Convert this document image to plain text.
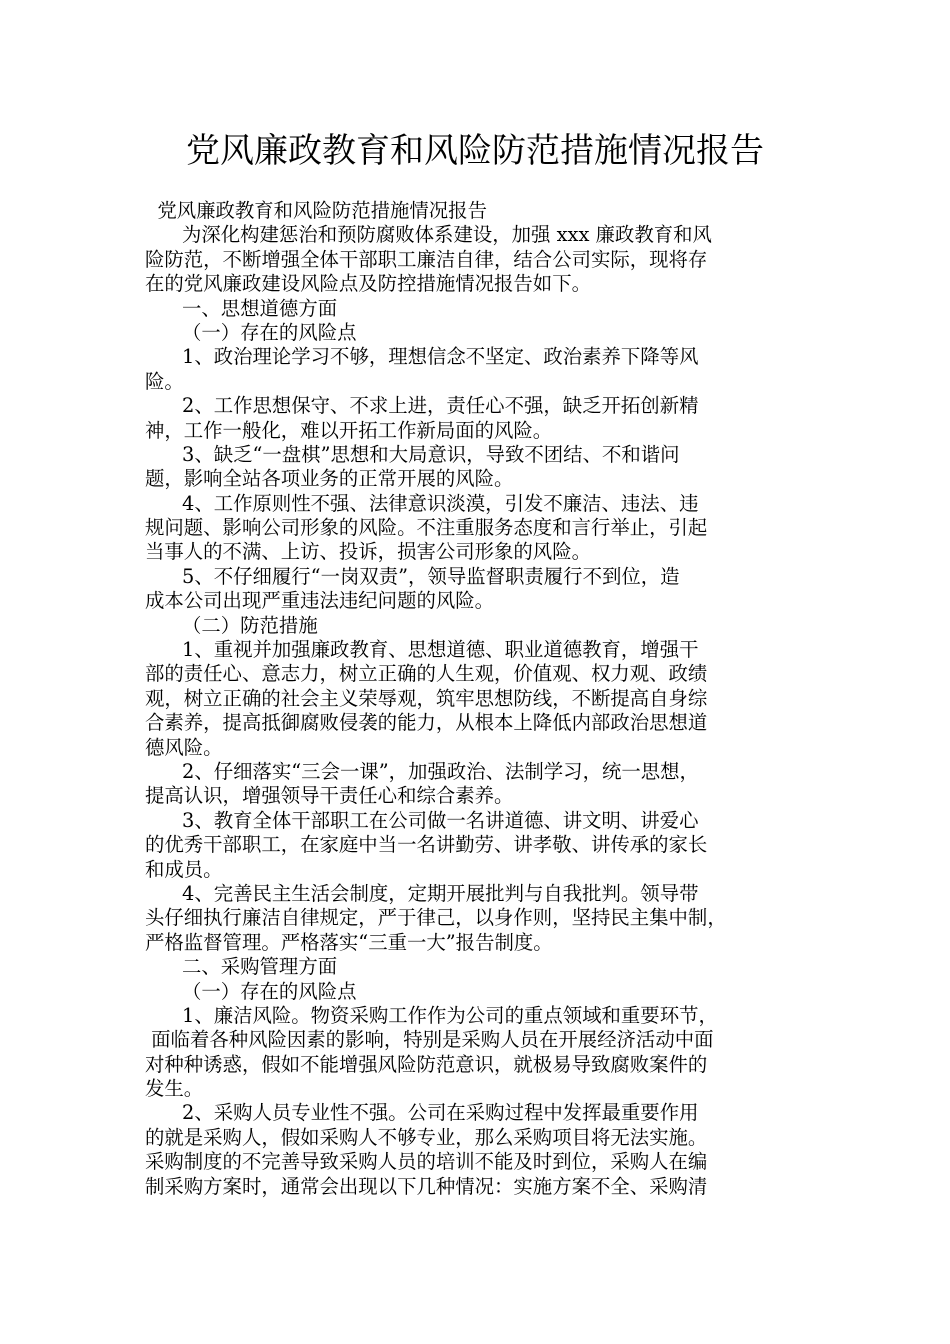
党风廉政教育和风险防范措施情况报告
党风廉政教育和风险防范措施情况报告
为深化构建惩治和预防腐败体系建设，加强 xxx 廉政教育和风
险防范，不断增强全体干部职工廉洁自律，结合公司实际，现将存
在的党风廉政建设风险点及防控措施情况报告如下。
一、思想道德方面
（一）存在的风险点
1、政治理论学习不够，理想信念不坚定、政治素养下降等风
险。
2、工作思想保守、不求上进，责任心不强，缺乏开拓创新精
神，工作一般化，难以开拓工作新局面的风险。
3、缺乏“一盘棋”思想和大局意识，导致不团结、不和谐问
题，影响全站各项业务的正常开展的风险。
4、工作原则性不强、法律意识淡漠，引发不廉洁、违法、违
规问题、影响公司形象的风险。不注重服务态度和言行举止，引起
当事人的不满、上访、投诉，损害公司形象的风险。
5、不仔细履行“一岗双责”，领导监督职责履行不到位，造
成本公司出现严重违法违纪问题的风险。
（二）防范措施
1、重视并加强廉政教育、思想道德、职业道德教育，增强干
部的责任心、意志力，树立正确的人生观，价值观、权力观、政绩
观，树立正确的社会主义荣辱观，筑牢思想防线，不断提高自身综
合素养，提高抵御腐败侵袭的能力，从根本上降低内部政治思想道
德风险。
2、仔细落实“三会一课”，加强政治、法制学习，统一思想，
提高认识，增强领导干责任心和综合素养。
3、教育全体干部职工在公司做一名讲道德、讲文明、讲爱心
的优秀干部职工，在家庭中当一名讲勤劳、讲孝敬、讲传承的家长
和成员。
4、完善民主生活会制度，定期开展批判与自我批判。领导带
头仔细执行廉洁自律规定，严于律己，以身作则，坚持民主集中制，
严格监督管理。严格落实“三重一大”报告制度。
二、采购管理方面
（一）存在的风险点
1、廉洁风险。物资采购工作作为公司的重点领域和重要环节，
面临着各种风险因素的影响，特别是采购人员在开展经济活动中面
对种种诱惑，假如不能增强风险防范意识，就极易导致腐败案件的
发生。
2、采购人员专业性不强。公司在采购过程中发挥最重要作用
的就是采购人，假如采购人不够专业，那么采购项目将无法实施。
采购制度的不完善导致采购人员的培训不能及时到位，采购人在编
制采购方案时，通常会出现以下几种情况：实施方案不全、采购清
